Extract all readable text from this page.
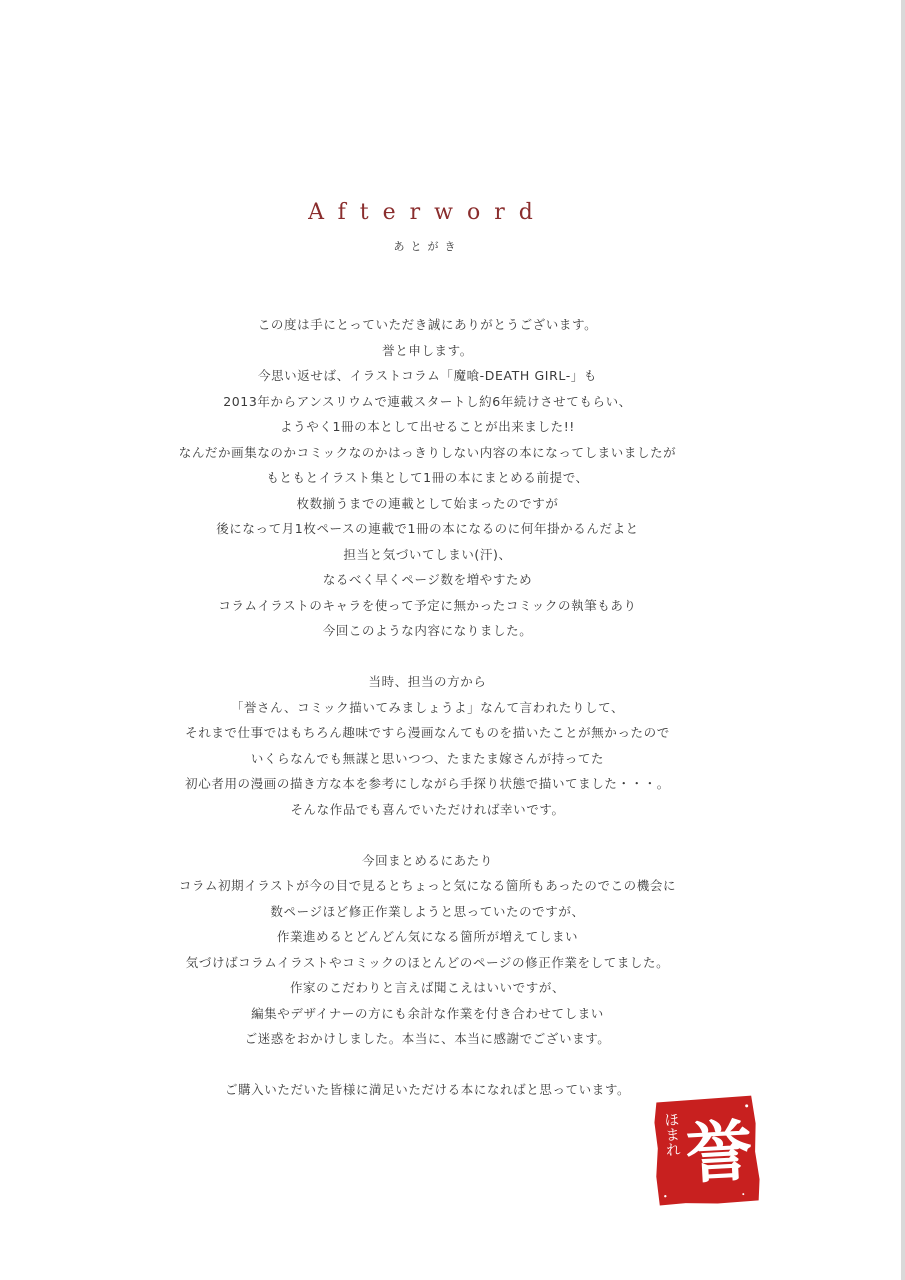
Afterword
あとがき
この度は手にとっていただき誠にありがとうございます。
誉と申します。
今思い返せば、イラストコラム「魔喰-DEATH GIRL-」も
2013年からアンスリウムで連載スタートし約6年続けさせてもらい、
ようやく1冊の本として出せることが出来ました!!
なんだか画集なのかコミックなのかはっきりしない内容の本になってしまいましたが
もともとイラスト集として1冊の本にまとめる前提で、
枚数揃うまでの連載として始まったのですが
後になって月1枚ペースの連載で1冊の本になるのに何年掛かるんだよと
担当と気づいてしまい(汗)、
なるべく早くページ数を増やすため
コラムイラストのキャラを使って予定に無かったコミックの執筆もあり
今回このような内容になりました。
当時、担当の方から
「誉さん、コミック描いてみましょうよ」なんて言われたりして、
それまで仕事ではもちろん趣味ですら漫画なんてものを描いたことが無かったので
いくらなんでも無謀と思いつつ、たまたま嫁さんが持ってた
初心者用の漫画の描き方な本を参考にしながら手探り状態で描いてました・・・。
そんな作品でも喜んでいただければ幸いです。
今回まとめるにあたり
コラム初期イラストが今の目で見るとちょっと気になる箇所もあったのでこの機会に
数ページほど修正作業しようと思っていたのですが、
作業進めるとどんどん気になる箇所が増えてしまい
気づけばコラムイラストやコミックのほとんどのページの修正作業をしてました。
作家のこだわりと言えば聞こえはいいですが、
編集やデザイナーの方にも余計な作業を付き合わせてしまい
ご迷惑をおかけしました。本当に、本当に感謝でございます。
ご購入いただいた皆様に満足いただける本になればと思っています。
ほまれ 誉
